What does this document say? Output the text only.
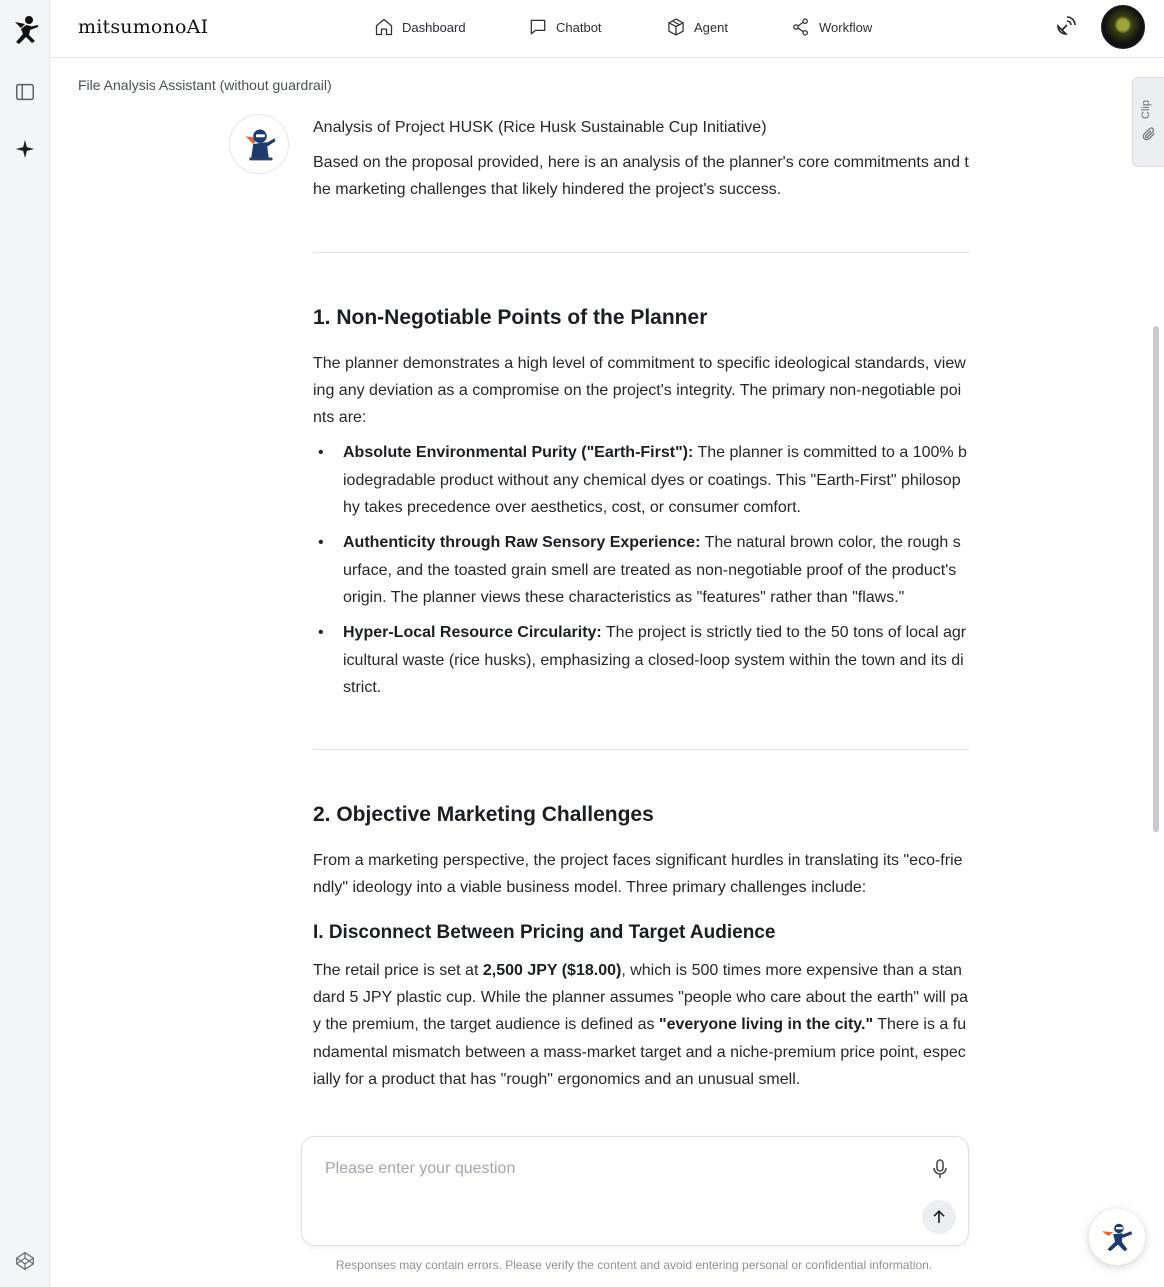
mitsumonoAI	Dashboard	Chatbot	Agent	Workflow
File Analysis Assistant (without guardrail)
Clip

Analysis of Project HUSK (Rice Husk Sustainable Cup Initiative)

Based on the proposal provided, here is an analysis of the planner's core commitments and the marketing challenges that likely hindered the project's success.

1. Non-Negotiable Points of the Planner

The planner demonstrates a high level of commitment to specific ideological standards, viewing any deviation as a compromise on the project's integrity. The primary non-negotiable points are:

• Absolute Environmental Purity ("Earth-First"): The planner is committed to a 100% biodegradable product without any chemical dyes or coatings. This "Earth-First" philosophy takes precedence over aesthetics, cost, or consumer comfort.
• Authenticity through Raw Sensory Experience: The natural brown color, the rough surface, and the toasted grain smell are treated as non-negotiable proof of the product's origin. The planner views these characteristics as "features" rather than "flaws."
• Hyper-Local Resource Circularity: The project is strictly tied to the 50 tons of local agricultural waste (rice husks), emphasizing a closed-loop system within the town and its district.
2. Objective Marketing Challenges

From a marketing perspective, the project faces significant hurdles in translating its "eco-friendly" ideology into a viable business model. Three primary challenges include:

I. Disconnect Between Pricing and Target Audience

The retail price is set at 2,500 JPY ($18.00), which is 500 times more expensive than a standard 5 JPY plastic cup. While the planner assumes "people who care about the earth" will pay the premium, the target audience is defined as "everyone living in the city." There is a fundamental mismatch between a mass-market target and a niche-premium price point, especially for a product that has "rough" ergonomics and an unusual smell.

Please enter your question
Responses may contain errors. Please verify the content and avoid entering personal or confidential information.
